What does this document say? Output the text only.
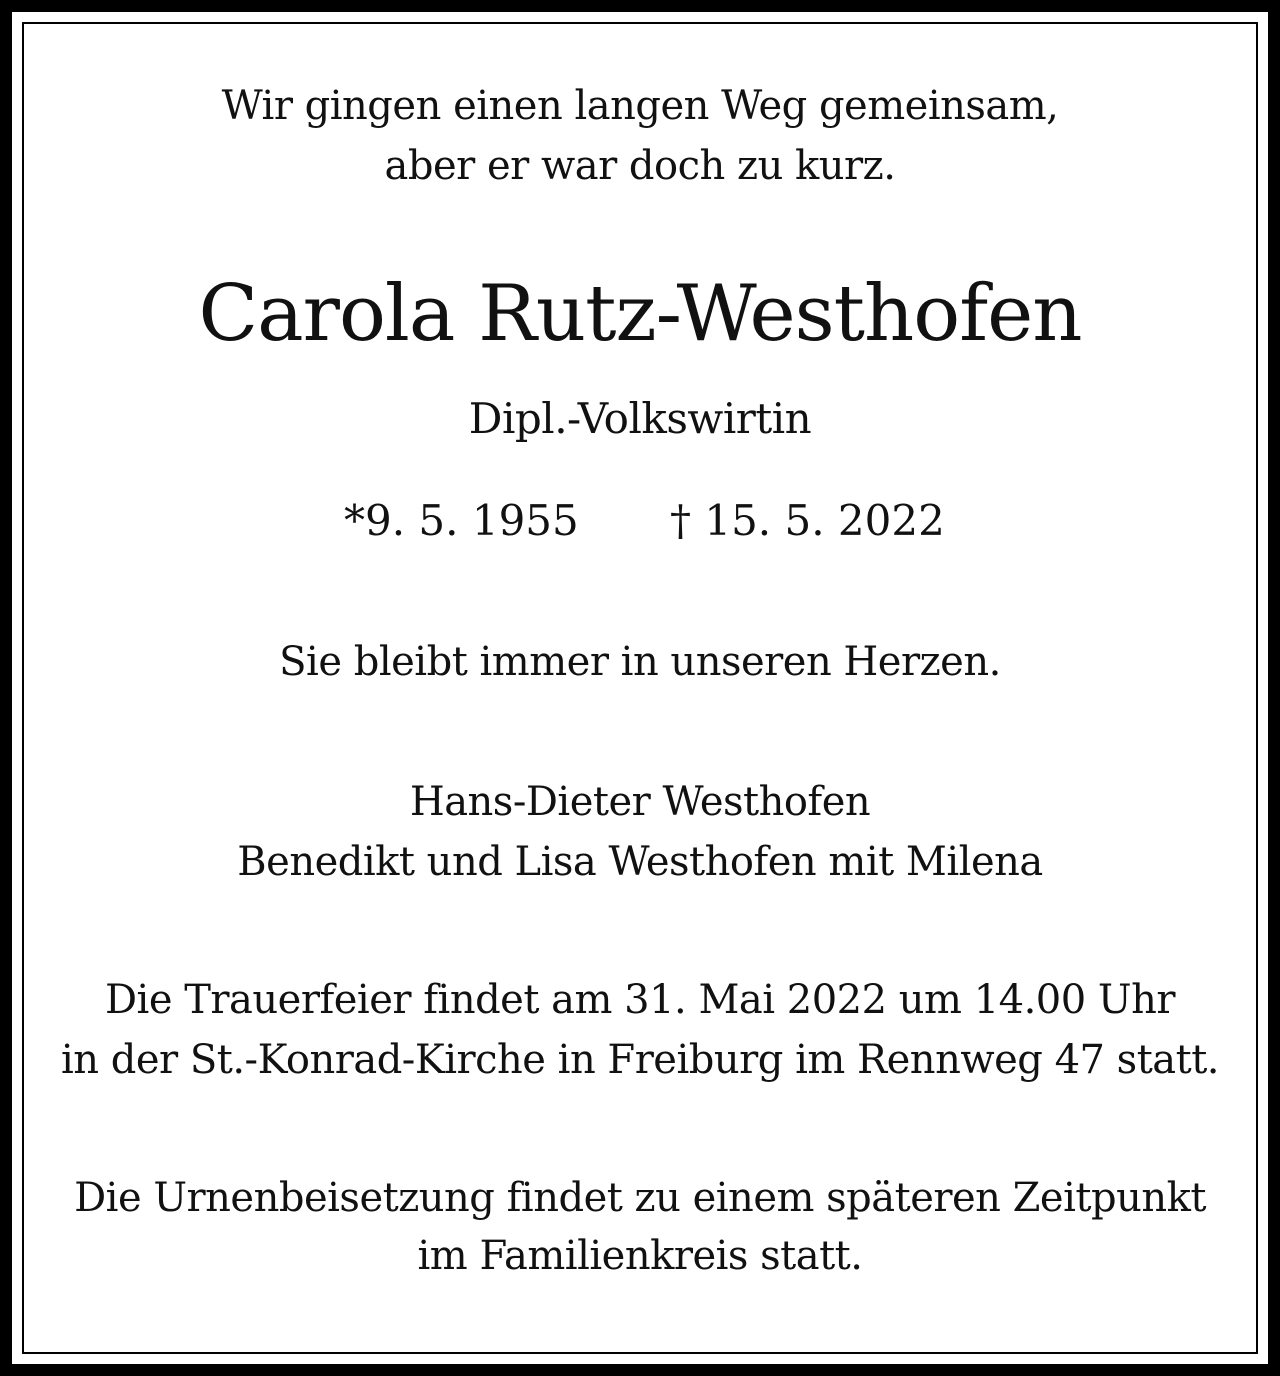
Wir gingen einen langen Weg gemeinsam,
aber er war doch zu kurz.
Carola Rutz-Westhofen
Dipl.-Volkswirtin
*9. 5. 1955 † 15. 5. 2022
Sie bleibt immer in unseren Herzen.
Hans-Dieter Westhofen
Benedikt und Lisa Westhofen mit Milena
Die Trauerfeier findet am 31. Mai 2022 um 14.00 Uhr
in der St.-Konrad-Kirche in Freiburg im Rennweg 47 statt.
Die Urnenbeisetzung findet zu einem späteren Zeitpunkt
im Familienkreis statt.
